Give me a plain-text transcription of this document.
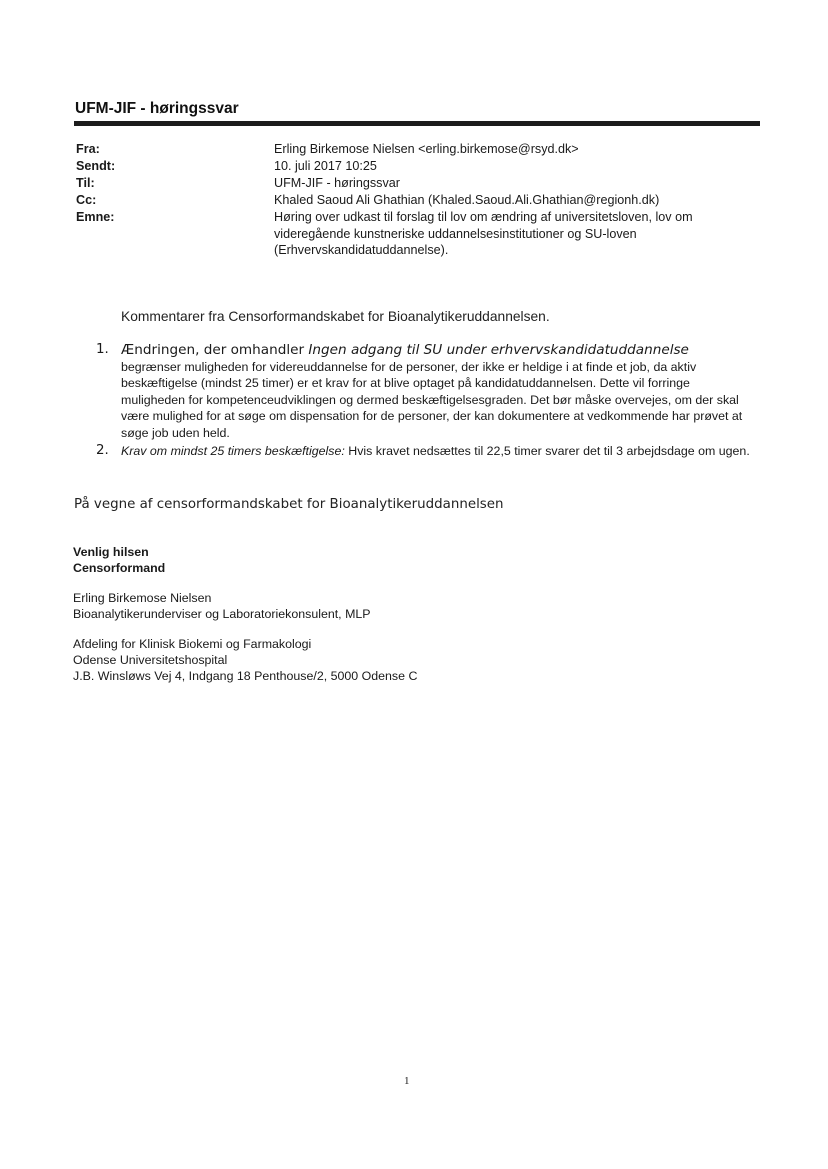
UFM-JIF - høringssvar
Fra:	Erling Birkemose Nielsen <erling.birkemose@rsyd.dk>
Sendt:	10. juli 2017 10:25
Til:	UFM-JIF - høringssvar
Cc:	Khaled Saoud Ali Ghathian (Khaled.Saoud.Ali.Ghathian@regionh.dk)
Emne:	Høring over udkast til forslag til lov om ændring af universitetsloven, lov om videregående kunstneriske uddannelsesinstitutioner og SU-loven (Erhvervskandidatuddannelse).
Kommentarer fra Censorformandskabet for Bioanalytikeruddannelsen.
1. Ændringen, der omhandler Ingen adgang til SU under erhvervskandidatuddannelse begrænser muligheden for videreuddannelse for de personer, der ikke er heldige i at finde et job, da aktiv beskæftigelse (mindst 25 timer) er et krav for at blive optaget på kandidatuddannelsen. Dette vil forringe muligheden for kompetenceudviklingen og dermed beskæftigelsesgraden. Det bør måske overvejes, om der skal være mulighed for at søge om dispensation for de personer, der kan dokumentere at vedkommende har prøvet at søge job uden held.
2. Krav om mindst 25 timers beskæftigelse: Hvis kravet nedsættes til 22,5 timer svarer det til 3 arbejdsdage om ugen.
På vegne af censorformandskabet for Bioanalytikeruddannelsen
Venlig hilsen
Censorformand
Erling Birkemose Nielsen
Bioanalytikerunderviser og Laboratoriekonsulent, MLP
Afdeling for Klinisk Biokemi og Farmakologi
Odense Universitetshospital
J.B. Winsløws Vej 4, Indgang 18 Penthouse/2, 5000 Odense C
1
